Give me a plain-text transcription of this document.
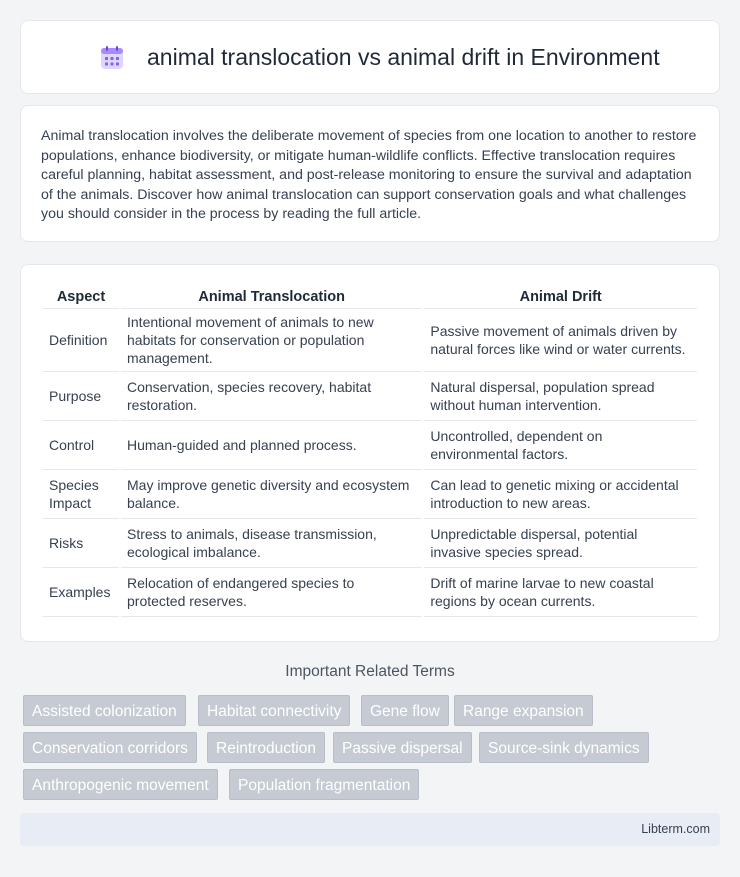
animal translocation vs animal drift in Environment

Animal translocation involves the deliberate movement of species from one location to another to restore populations, enhance biodiversity, or mitigate human-wildlife conflicts. Effective translocation requires careful planning, habitat assessment, and post-release monitoring to ensure the survival and adaptation of the animals. Discover how animal translocation can support conservation goals and what challenges you should consider in the process by reading the full article.

Aspect	Animal Translocation	Animal Drift
Definition	Intentional movement of animals to new habitats for conservation or population management.	Passive movement of animals driven by natural forces like wind or water currents.
Purpose	Conservation, species recovery, habitat restoration.	Natural dispersal, population spread without human intervention.
Control	Human-guided and planned process.	Uncontrolled, dependent on environmental factors.
Species Impact	May improve genetic diversity and ecosystem balance.	Can lead to genetic mixing or accidental introduction to new areas.
Risks	Stress to animals, disease transmission, ecological imbalance.	Unpredictable dispersal, potential invasive species spread.
Examples	Relocation of endangered species to protected reserves.	Drift of marine larvae to new coastal regions by ocean currents.
Important Related Terms
Assisted colonization	Habitat connectivity	Gene flow	Range expansion
Conservation corridors	Reintroduction	Passive dispersal	Source-sink dynamics
Anthropogenic movement	Population fragmentation
Libterm.com
